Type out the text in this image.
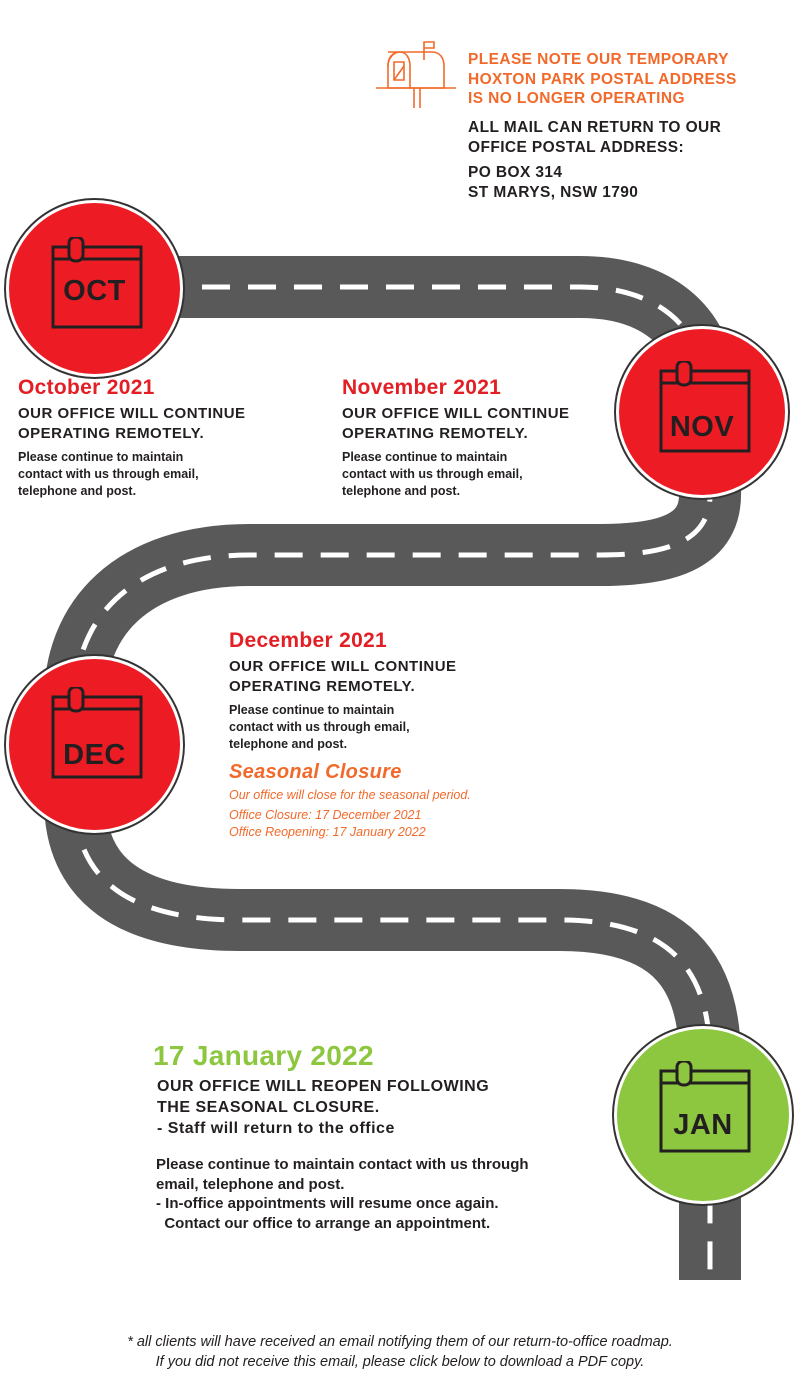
PLEASE NOTE OUR TEMPORARY
HOXTON PARK POSTAL ADDRESS
IS NO LONGER OPERATING
ALL MAIL CAN RETURN TO OUR
OFFICE POSTAL ADDRESS:
PO BOX 314
ST MARYS, NSW 1790
OCT
NOV
DEC
JAN
October 2021
OUR OFFICE WILL CONTINUE
OPERATING REMOTELY.
Please continue to maintain
contact with us through email,
telephone and post.
November 2021
OUR OFFICE WILL CONTINUE
OPERATING REMOTELY.
Please continue to maintain
contact with us through email,
telephone and post.
December 2021
OUR OFFICE WILL CONTINUE
OPERATING REMOTELY.
Please continue to maintain
contact with us through email,
telephone and post.
Seasonal Closure
Our office will close for the seasonal period.
Office Closure: 17 December 2021
Office Reopening: 17 January 2022
17 January 2022
OUR OFFICE WILL REOPEN FOLLOWING
THE SEASONAL CLOSURE.
- Staff will return to the office
Please continue to maintain contact with us through
email, telephone and post.
- In-office appointments will resume once again.
Contact our office to arrange an appointment.
* all clients will have received an email notifying them of our return-to-office roadmap.
If you did not receive this email, please click below to download a PDF copy.
